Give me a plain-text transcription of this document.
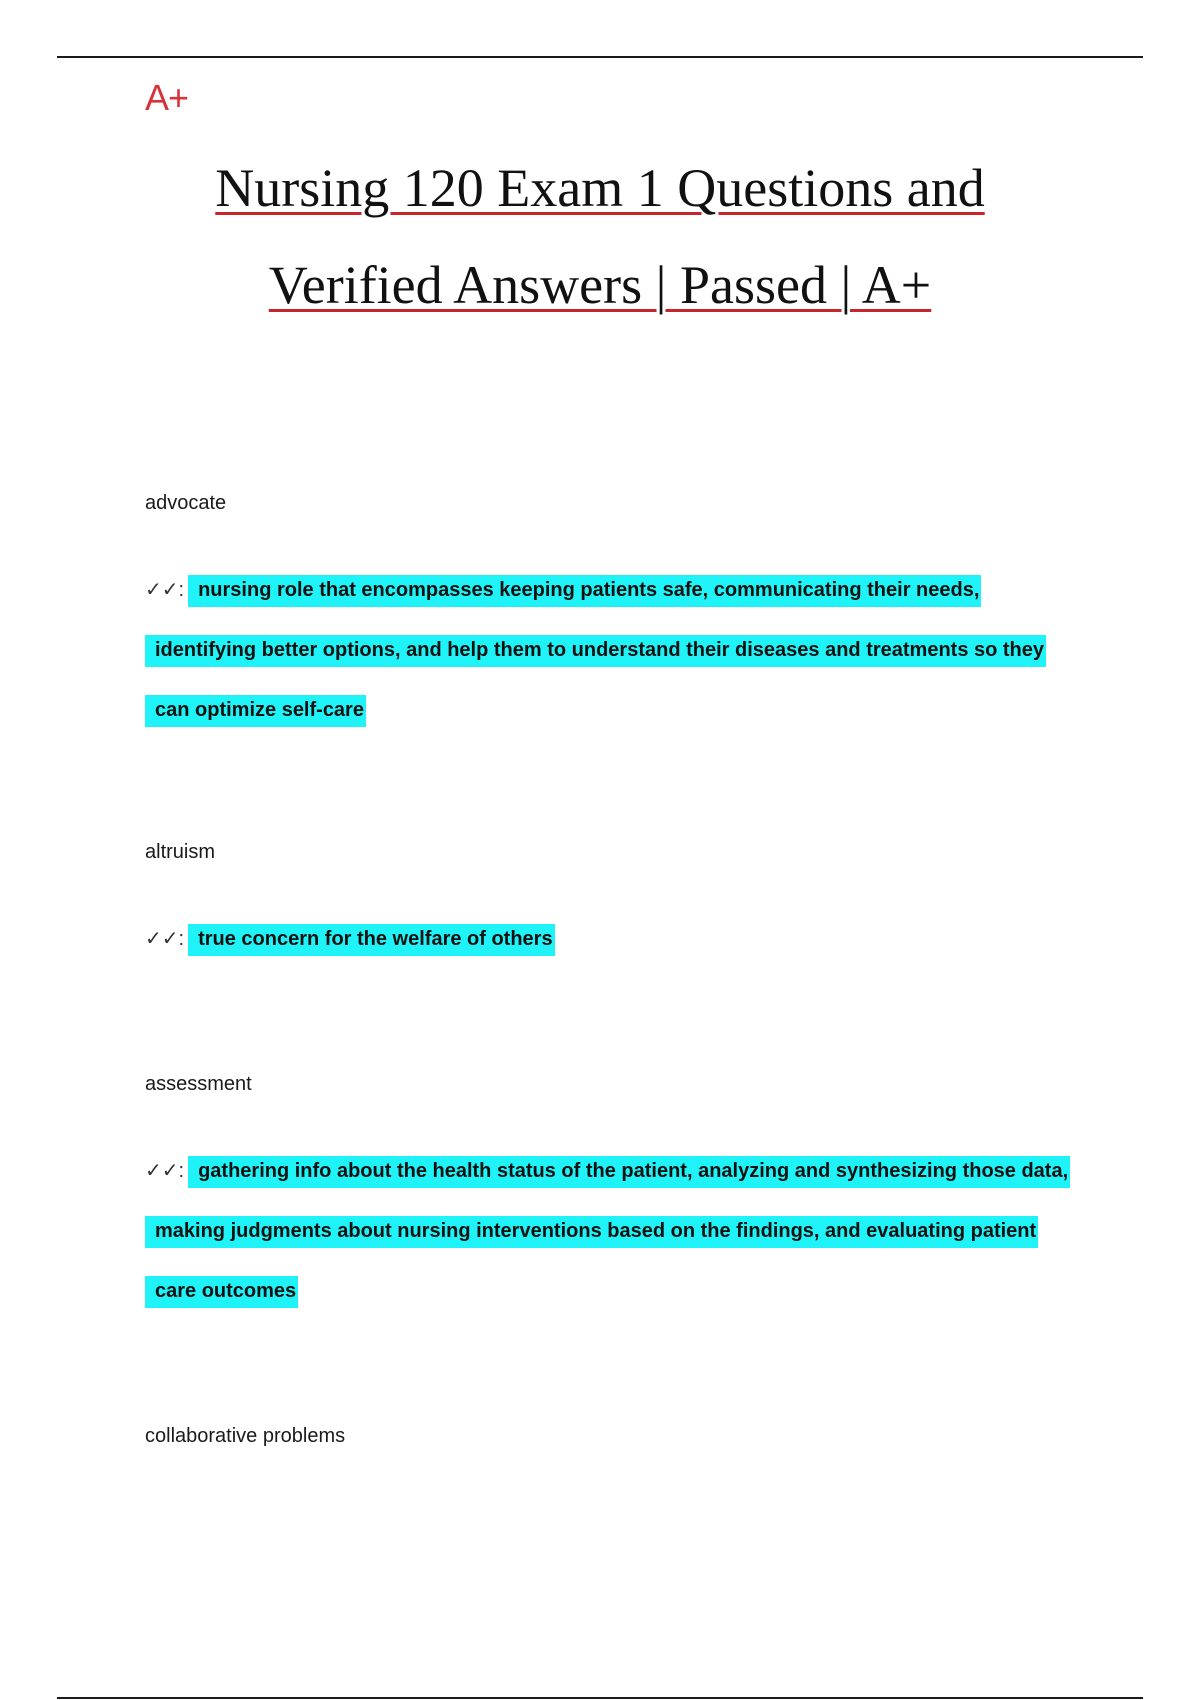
A+
Nursing 120 Exam 1 Questions and
Verified Answers | Passed | A+
advocate
✓✓: nursing role that encompasses keeping patients safe, communicating their needs, identifying better options, and help them to understand their diseases and treatments so they can optimize self-care
altruism
✓✓: true concern for the welfare of others
assessment
✓✓: gathering info about the health status of the patient, analyzing and synthesizing those data, making judgments about nursing interventions based on the findings, and evaluating patient care outcomes
collaborative problems
